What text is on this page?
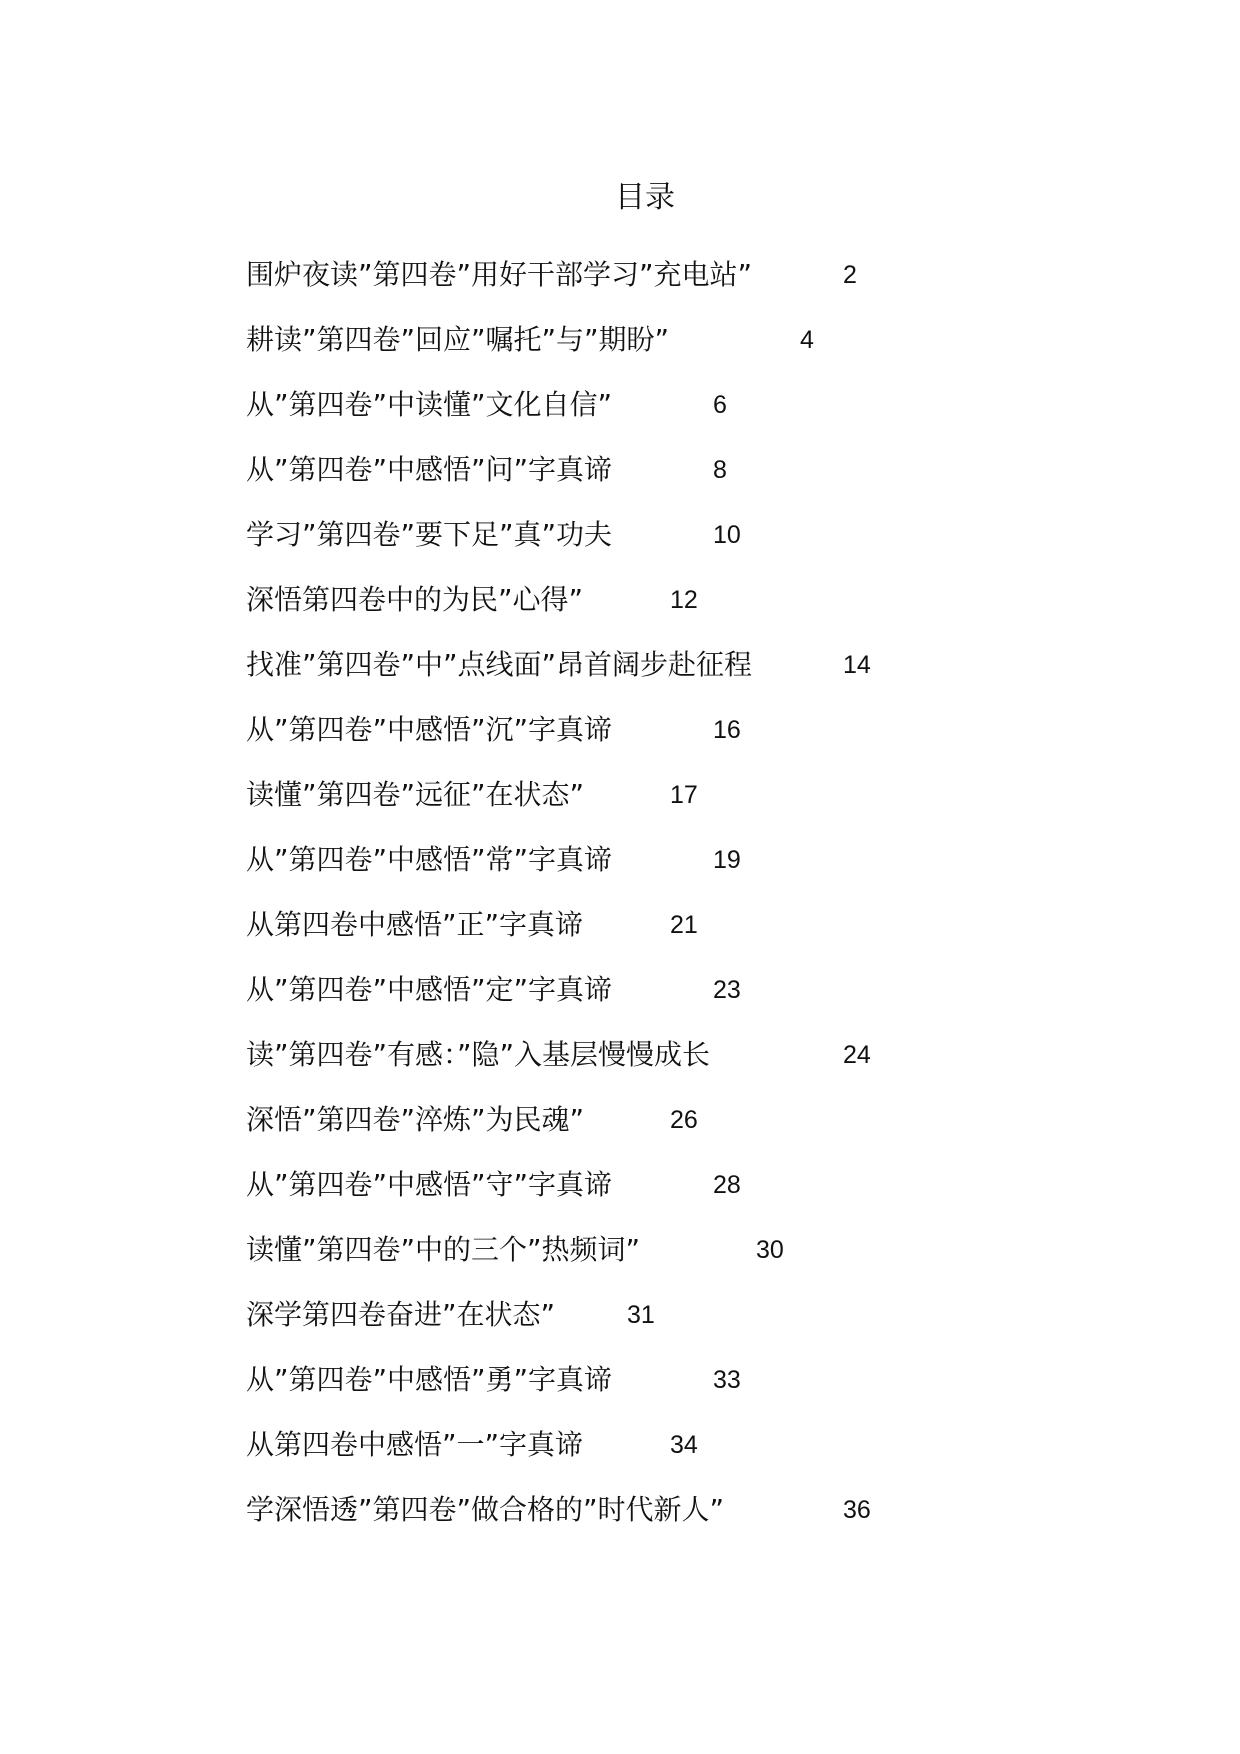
目录
围炉夜读”第四卷”用好干部学习”充电站”	2
耕读”第四卷”回应”嘱托”与”期盼”	4
从”第四卷”中读懂”文化自信”	6
从”第四卷”中感悟”问”字真谛	8
学习”第四卷”要下足”真”功夫	10
深悟第四卷中的为民”心得”	12
找准”第四卷”中”点线面”昂首阔步赴征程	14
从”第四卷”中感悟”沉”字真谛	16
读懂”第四卷”远征”在状态”	17
从”第四卷”中感悟”常”字真谛	19
从第四卷中感悟”正”字真谛	21
从”第四卷”中感悟”定”字真谛	23
读”第四卷”有感：”隐”入基层慢慢成长	24
深悟”第四卷”淬炼”为民魂”	26
从”第四卷”中感悟”守”字真谛	28
读懂”第四卷”中的三个”热频词”	30
深学第四卷奋进”在状态”	31
从”第四卷”中感悟”勇”字真谛	33
从第四卷中感悟”一”字真谛	34
学深悟透”第四卷”做合格的”时代新人”	36
